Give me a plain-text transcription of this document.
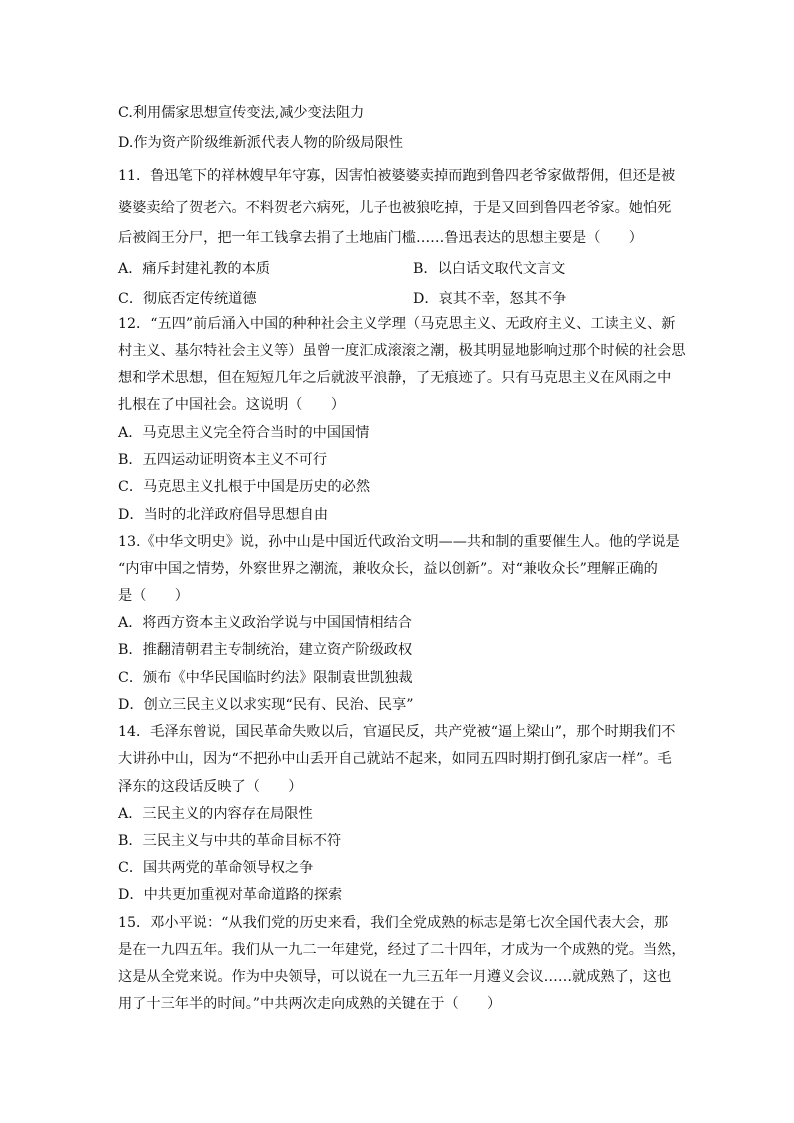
C.利用儒家思想宣传变法,减少变法阻力
D.作为资产阶级维新派代表人物的阶级局限性
11．鲁迅笔下的祥林嫂早年守寡，因害怕被婆婆卖掉而跑到鲁四老爷家做帮佣，但还是被
婆婆卖给了贺老六。不料贺老六病死，儿子也被狼吃掉，于是又回到鲁四老爷家。她怕死
后被阎王分尸，把一年工钱拿去捐了土地庙门槛……鲁迅表达的思想主要是（　　）
A．痛斥封建礼教的本质	B．以白话文取代文言文
C．彻底否定传统道德	D．哀其不幸，怒其不争
12．“五四”前后涌入中国的种种社会主义学理（马克思主义、无政府主义、工读主义、新
村主义、基尔特社会主义等）虽曾一度汇成滚滚之潮，极其明显地影响过那个时候的社会思
想和学术思想，但在短短几年之后就波平浪静，了无痕迹了。只有马克思主义在风雨之中
扎根在了中国社会。这说明（　　）
A．马克思主义完全符合当时的中国国情
B．五四运动证明资本主义不可行
C．马克思主义扎根于中国是历史的必然
D．当时的北洋政府倡导思想自由
13.《中华文明史》说，孙中山是中国近代政治文明——共和制的重要催生人。他的学说是
“内审中国之情势，外察世界之潮流，兼收众长，益以创新”。对“兼收众长”理解正确的
是（　　）
A．将西方资本主义政治学说与中国国情相结合
B．推翻清朝君主专制统治，建立资产阶级政权
C．颁布《中华民国临时约法》限制袁世凯独裁
D．创立三民主义以求实现“民有、民治、民享”
14．毛泽东曾说，国民革命失败以后，官逼民反，共产党被“逼上梁山”，那个时期我们不
大讲孙中山，因为“不把孙中山丢开自己就站不起来，如同五四时期打倒孔家店一样”。毛
泽东的这段话反映了（　　）
A．三民主义的内容存在局限性
B．三民主义与中共的革命目标不符
C．国共两党的革命领导权之争
D．中共更加重视对革命道路的探索
15．邓小平说：“从我们党的历史来看，我们全党成熟的标志是第七次全国代表大会，那
是在一九四五年。我们从一九二一年建党，经过了二十四年，才成为一个成熟的党。当然，
这是从全党来说。作为中央领导，可以说在一九三五年一月遵义会议……就成熟了，这也
用了十三年半的时间。”中共两次走向成熟的关键在于（　　）
